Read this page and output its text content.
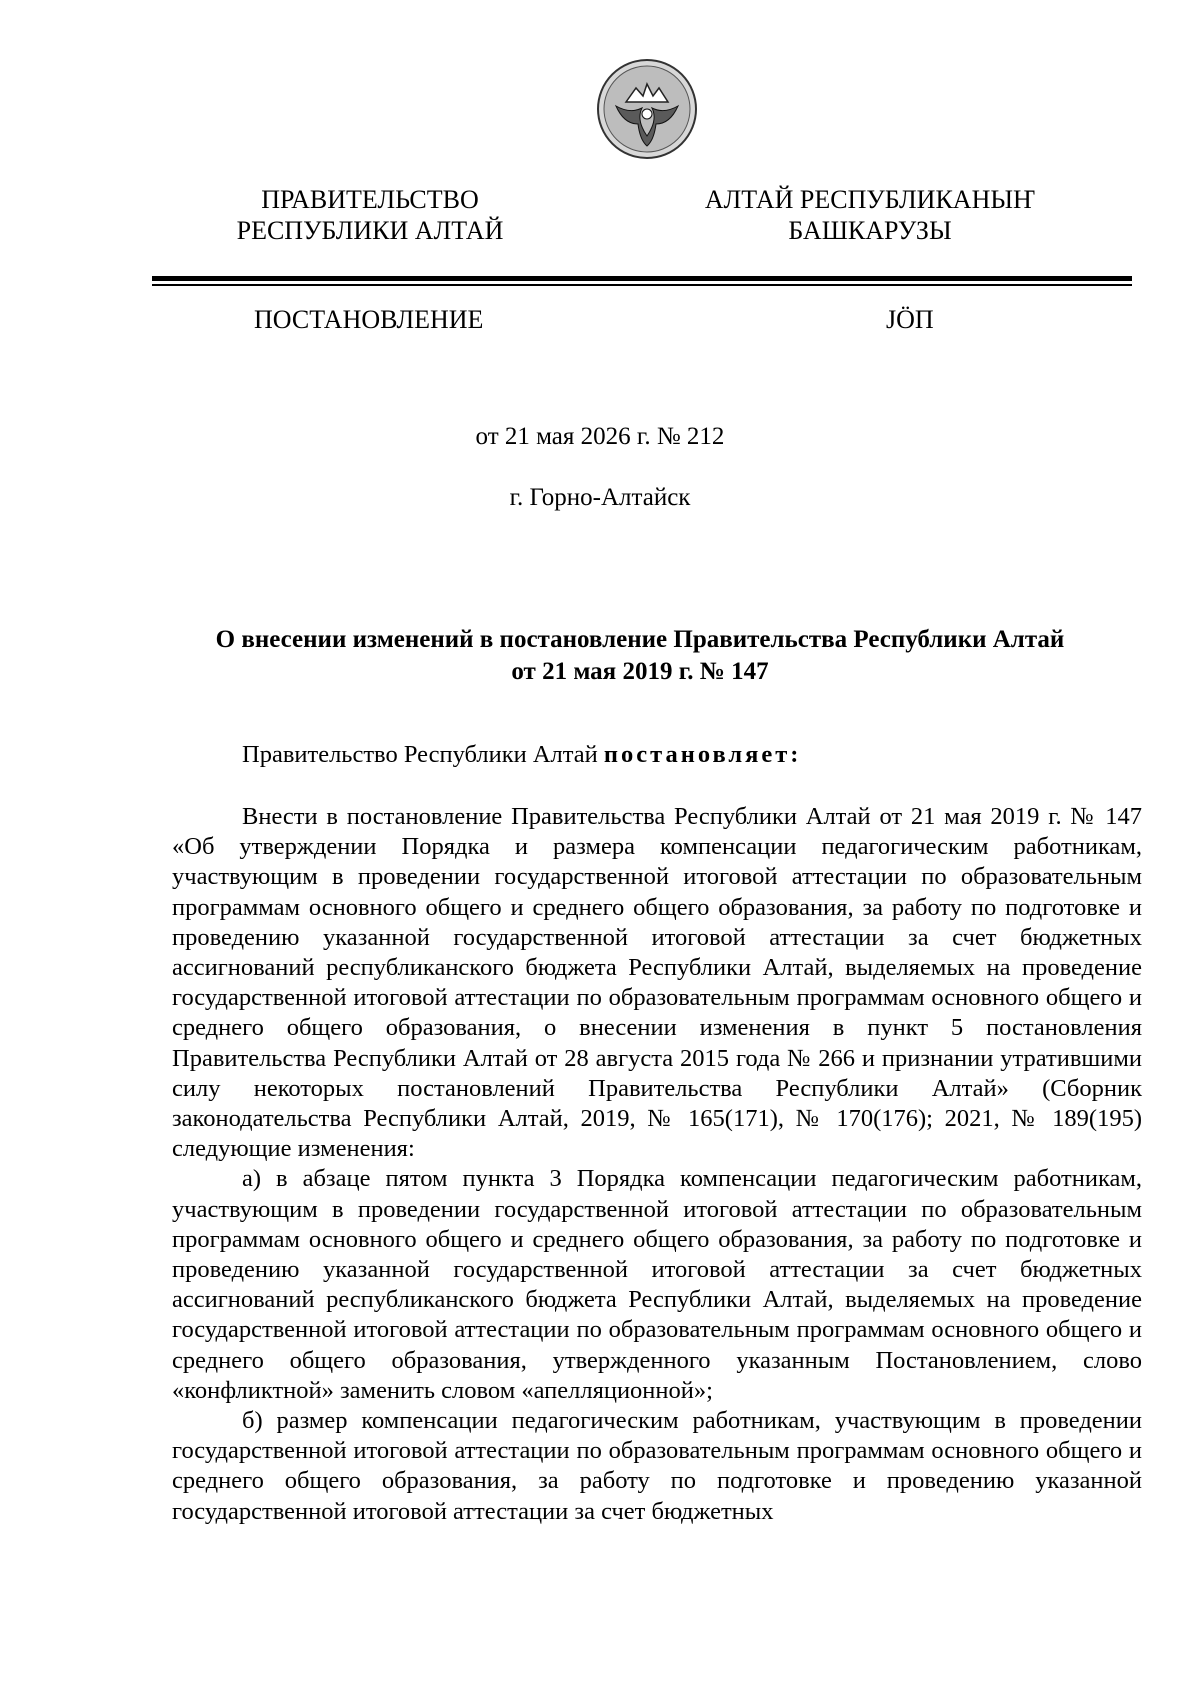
ПРАВИТЕЛЬСТВО
РЕСПУБЛИКИ АЛТАЙ
АЛТАЙ РЕСПУБЛИКАНЫҤ
БАШКАРУЗЫ
ПОСТАНОВЛЕНИЕ	ЈӦП
от 21 мая 2026 г. № 212
г. Горно-Алтайск
О внесении изменений в постановление Правительства Республики Алтай
от 21 мая 2019 г. № 147

Правительство Республики Алтай постановляет:

Внести в постановление Правительства Республики Алтай от 21 мая 2019 г. № 147 «Об утверждении Порядка и размера компенсации педагогическим работникам, участвующим в проведении государственной итоговой аттестации по образовательным программам основного общего и среднего общего образования, за работу по подготовке и проведению указанной государственной итоговой аттестации за счет бюджетных ассигнований республиканского бюджета Республики Алтай, выделяемых на проведение государственной итоговой аттестации по образовательным программам основного общего и среднего общего образования, о внесении изменения в пункт 5 постановления Правительства Республики Алтай от 28 августа 2015 года № 266 и признании утратившими силу некоторых постановлений Правительства Республики Алтай» (Сборник законодательства Республики Алтай, 2019, № 165(171), № 170(176); 2021, № 189(195) следующие изменения:

а) в абзаце пятом пункта 3 Порядка компенсации педагогическим работникам, участвующим в проведении государственной итоговой аттестации по образовательным программам основного общего и среднего общего образования, за работу по подготовке и проведению указанной государственной итоговой аттестации за счет бюджетных ассигнований республиканского бюджета Республики Алтай, выделяемых на проведение государственной итоговой аттестации по образовательным программам основного общего и среднего общего образования, утвержденного указанным Постановлением, слово «конфликтной» заменить словом «апелляционной»;

б) размер компенсации педагогическим работникам, участвующим в проведении государственной итоговой аттестации по образовательным программам основного общего и среднего общего образования, за работу по подготовке и проведению указанной государственной итоговой аттестации за счет бюджетных
